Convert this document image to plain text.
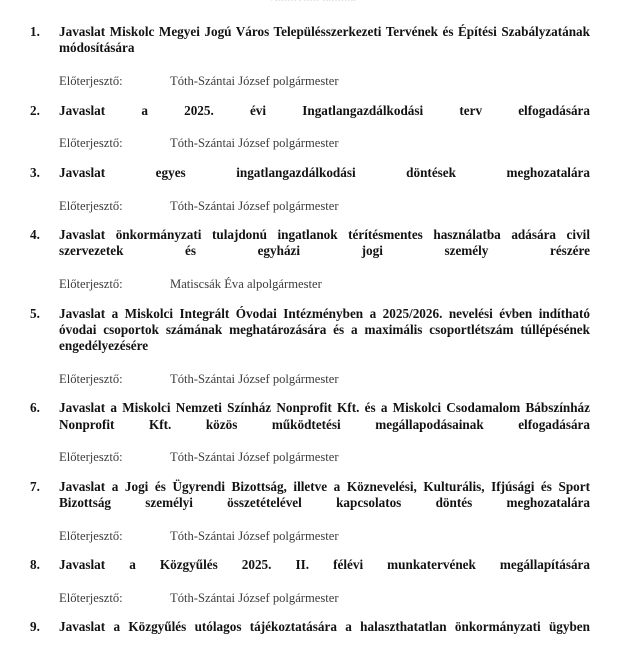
1.	Javaslat Miskolc Megyei Jogú Város Településszerkezeti Tervének és Építési Szabályzatának módosítására
Előterjesztő:	Tóth-Szántai József polgármester
2.	Javaslat a 2025. évi Ingatlangazdálkodási terv elfogadására
Előterjesztő:	Tóth-Szántai József polgármester
3.	Javaslat egyes ingatlangazdálkodási döntések meghozatalára
Előterjesztő:	Tóth-Szántai József polgármester
4.	Javaslat önkormányzati tulajdonú ingatlanok térítésmentes használatba adására civil szervezetek és egyházi jogi személy részére
Előterjesztő:	Matiscsák Éva alpolgármester
5.	Javaslat a Miskolci Integrált Óvodai Intézményben a 2025/2026. nevelési évben indítható óvodai csoportok számának meghatározására és a maximális csoportlétszám túllépésének engedélyezésére
Előterjesztő:	Tóth-Szántai József polgármester
6.	Javaslat a Miskolci Nemzeti Színház Nonprofit Kft. és a Miskolci Csodamalom Bábszínház Nonprofit Kft. közös működtetési megállapodásainak elfogadására
Előterjesztő:	Tóth-Szántai József polgármester
7.	Javaslat a Jogi és Ügyrendi Bizottság, illetve a Köznevelési, Kulturális, Ifjúsági és Sport Bizottság személyi összetételével kapcsolatos döntés meghozatalára
Előterjesztő:	Tóth-Szántai József polgármester
8.	Javaslat a Közgyűlés 2025. II. félévi munkatervének megállapítására
Előterjesztő:	Tóth-Szántai József polgármester
9.	Javaslat a Közgyűlés utólagos tájékoztatására a halaszthatatlan önkormányzati ügyben
